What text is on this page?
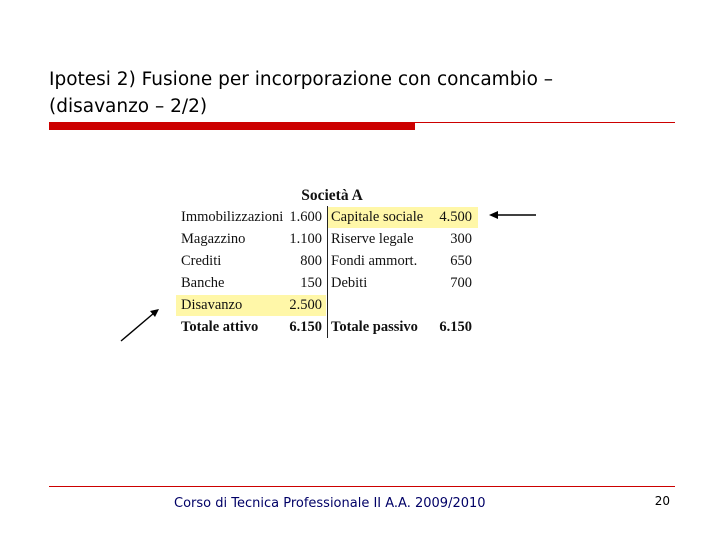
Ipotesi 2) Fusione per incorporazione con concambio –
(disavanzo – 2/2)
Società A
Immobilizzazioni 1.600 Capitale sociale	4.500
Magazzino	1.100 Riserve legale	300
Crediti	800 Fondi ammort.	650
Banche	150 Debiti	700
Disavanzo	2.500
Totale attivo	6.150 Totale passivo	6.150
Corso di Tecnica Professionale II A.A. 2009/2010	20
